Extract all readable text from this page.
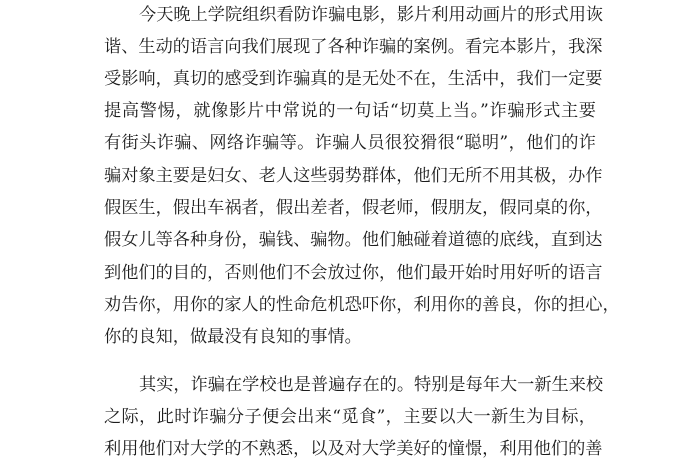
今天晚上学院组织看防诈骗电影，影片利用动画片的形式用诙
谐、生动的语言向我们展现了各种诈骗的案例。看完本影片，我深
受影响，真切的感受到诈骗真的是无处不在，生活中，我们一定要
提高警惕，就像影片中常说的一句话“切莫上当。”诈骗形式主要
有街头诈骗、网络诈骗等。诈骗人员很狡猾很“聪明”，他们的诈
骗对象主要是妇女、老人这些弱势群体，他们无所不用其极，办作
假医生，假出车祸者，假出差者，假老师，假朋友，假同桌的你，
假女儿等各种身份，骗钱、骗物。他们触碰着道德的底线，直到达
到他们的目的，否则他们不会放过你，他们最开始时用好听的语言
劝告你，用你的家人的性命危机恐吓你，利用你的善良，你的担心，
你的良知，做最没有良知的事情。
其实，诈骗在学校也是普遍存在的。特别是每年大一新生来校
之际，此时诈骗分子便会出来“觅食”，主要以大一新生为目标，
利用他们对大学的不熟悉，以及对大学美好的憧憬，利用他们的善
